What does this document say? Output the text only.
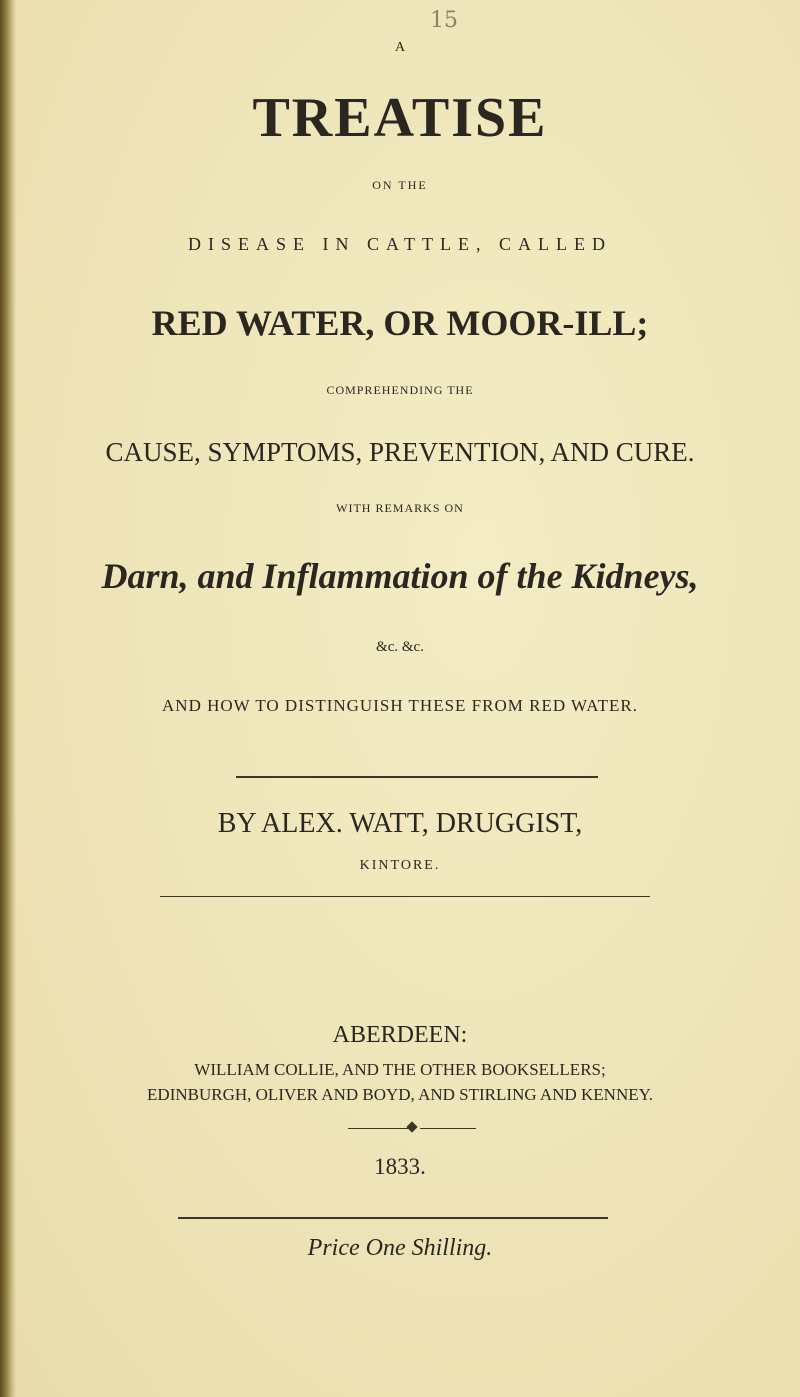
15
A
TREATISE
ON THE
DISEASE IN CATTLE, CALLED
RED WATER, OR MOOR-ILL;
COMPREHENDING THE
CAUSE, SYMPTOMS, PREVENTION, AND CURE.
WITH REMARKS ON
Darn, and Inflammation of the Kidneys,
&c. &c.
AND HOW TO DISTINGUISH THESE FROM RED WATER.
BY ALEX. WATT, DRUGGIST,
KINTORE.
ABERDEEN:
WILLIAM COLLIE, AND THE OTHER BOOKSELLERS;
EDINBURGH, OLIVER AND BOYD, AND STIRLING AND KENNEY.
1833.
Price One Shilling.
